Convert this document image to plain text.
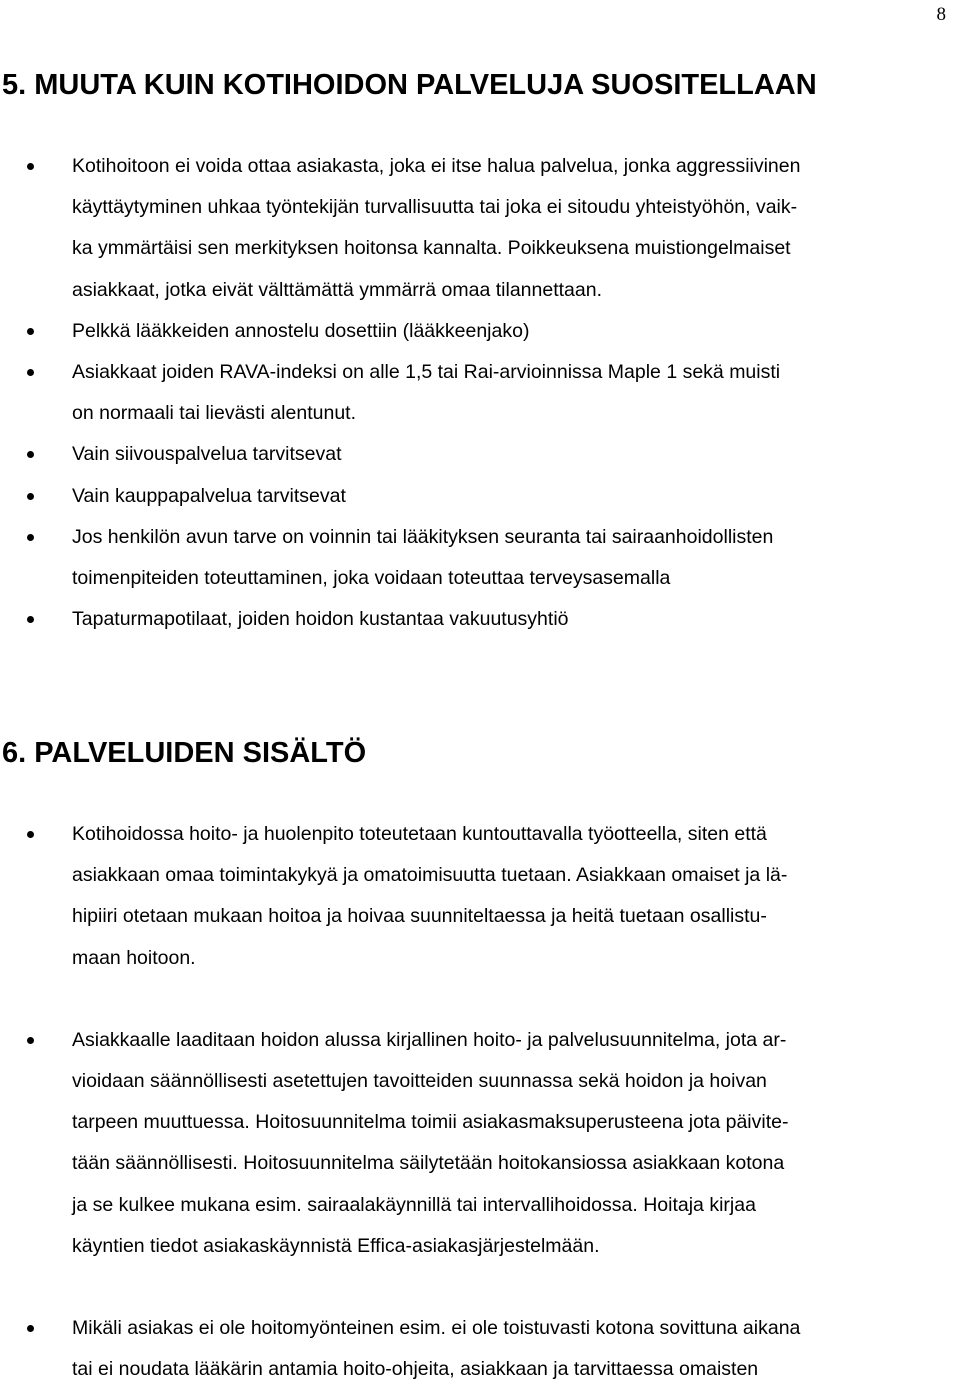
8
5. MUUTA KUIN KOTIHOIDON PALVELUJA SUOSITELLAAN
Kotihoitoon ei voida ottaa asiakasta, joka ei itse halua palvelua, jonka aggressiivinen
käyttäytyminen uhkaa työntekijän turvallisuutta tai joka ei sitoudu yhteistyöhön, vaik-
ka ymmärtäisi sen merkityksen hoitonsa kannalta. Poikkeuksena muistiongelmaiset
asiakkaat, jotka eivät välttämättä ymmärrä omaa tilannettaan.
Pelkkä lääkkeiden annostelu dosettiin (lääkkeenjako)
Asiakkaat joiden RAVA-indeksi on alle 1,5 tai Rai-arvioinnissa Maple 1 sekä muisti
on normaali tai lievästi alentunut.
Vain siivouspalvelua tarvitsevat
Vain kauppapalvelua tarvitsevat
Jos henkilön avun tarve on voinnin tai lääkityksen seuranta tai sairaanhoidollisten
toimenpiteiden toteuttaminen, joka voidaan toteuttaa terveysasemalla
Tapaturmapotilaat, joiden hoidon kustantaa vakuutusyhtiö
6. PALVELUIDEN SISÄLTÖ
Kotihoidossa hoito- ja huolenpito toteutetaan kuntouttavalla työotteella, siten että
asiakkaan omaa toimintakykyä ja omatoimisuutta tuetaan. Asiakkaan omaiset ja lä-
hipiiri otetaan mukaan hoitoa ja hoivaa suunniteltaessa ja heitä tuetaan osallistu-
maan hoitoon.
Asiakkaalle laaditaan hoidon alussa kirjallinen hoito- ja palvelusuunnitelma, jota ar-
vioidaan säännöllisesti asetettujen tavoitteiden suunnassa sekä hoidon ja hoivan
tarpeen muuttuessa. Hoitosuunnitelma toimii asiakasmaksuperusteena jota päivite-
tään säännöllisesti. Hoitosuunnitelma säilytetään hoitokansiossa asiakkaan kotona
ja se kulkee mukana esim. sairaalakäynnillä tai intervallihoidossa. Hoitaja kirjaa
käyntien tiedot asiakaskäynnistä Effica-asiakasjärjestelmään.
Mikäli asiakas ei ole hoitomyönteinen esim. ei ole toistuvasti kotona sovittuna aikana
tai ei noudata lääkärin antamia hoito-ohjeita, asiakkaan ja tarvittaessa omaisten
